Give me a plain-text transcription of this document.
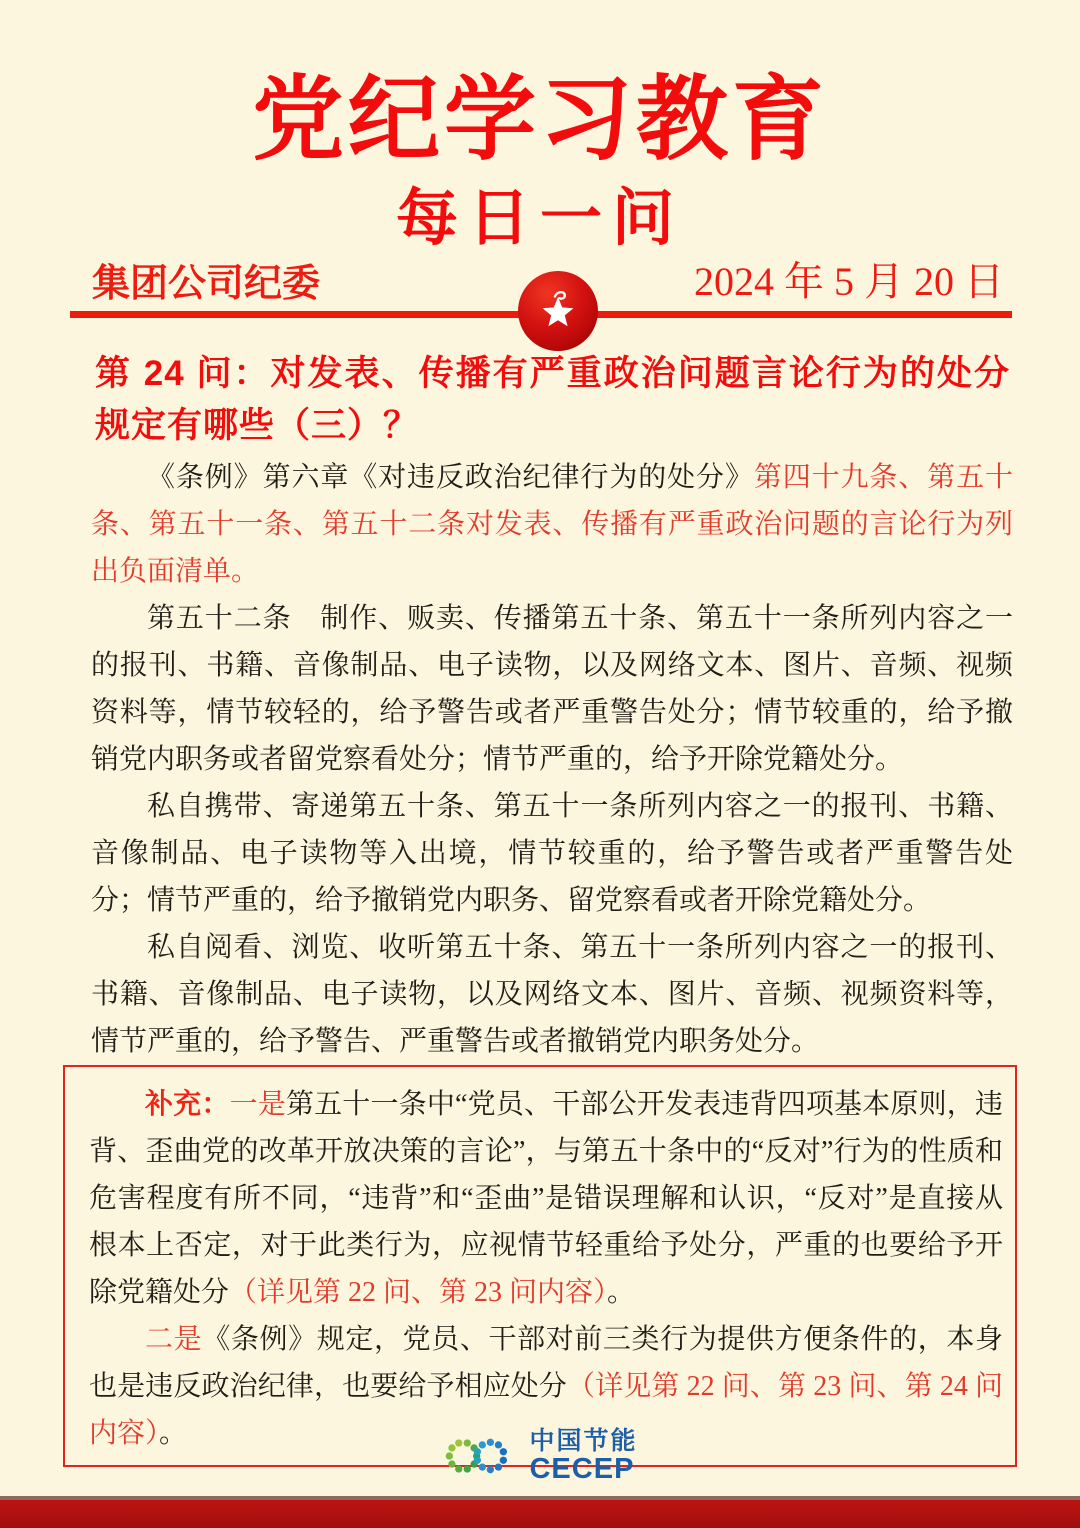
党纪学习教育
每日一问
集团公司纪委	2024 年 5 月 20 日
第 24 问：对发表、传播有严重政治问题言论行为的处分规定有哪些（三）？

《条例》第六章《对违反政治纪律行为的处分》第四十九条、第五十条、第五十一条、第五十二条对发表、传播有严重政治问题的言论行为列出负面清单。

第五十二条　制作、贩卖、传播第五十条、第五十一条所列内容之一的报刊、书籍、音像制品、电子读物，以及网络文本、图片、音频、视频资料等，情节较轻的，给予警告或者严重警告处分；情节较重的，给予撤销党内职务或者留党察看处分；情节严重的，给予开除党籍处分。

私自携带、寄递第五十条、第五十一条所列内容之一的报刊、书籍、音像制品、电子读物等入出境，情节较重的，给予警告或者严重警告处分；情节严重的，给予撤销党内职务、留党察看或者开除党籍处分。

私自阅看、浏览、收听第五十条、第五十一条所列内容之一的报刊、书籍、音像制品、电子读物，以及网络文本、图片、音频、视频资料等，情节严重的，给予警告、严重警告或者撤销党内职务处分。

补充：一是第五十一条中“党员、干部公开发表违背四项基本原则，违背、歪曲党的改革开放决策的言论”，与第五十条中的“反对”行为的性质和危害程度有所不同，“违背”和“歪曲”是错误理解和认识，“反对”是直接从根本上否定，对于此类行为，应视情节轻重给予处分，严重的也要给予开除党籍处分（详见第 22 问、第 23 问内容）。

二是《条例》规定，党员、干部对前三类行为提供方便条件的，本身也是违反政治纪律，也要给予相应处分（详见第 22 问、第 23 问、第 24 问内容）。	中国节能
CECEP
